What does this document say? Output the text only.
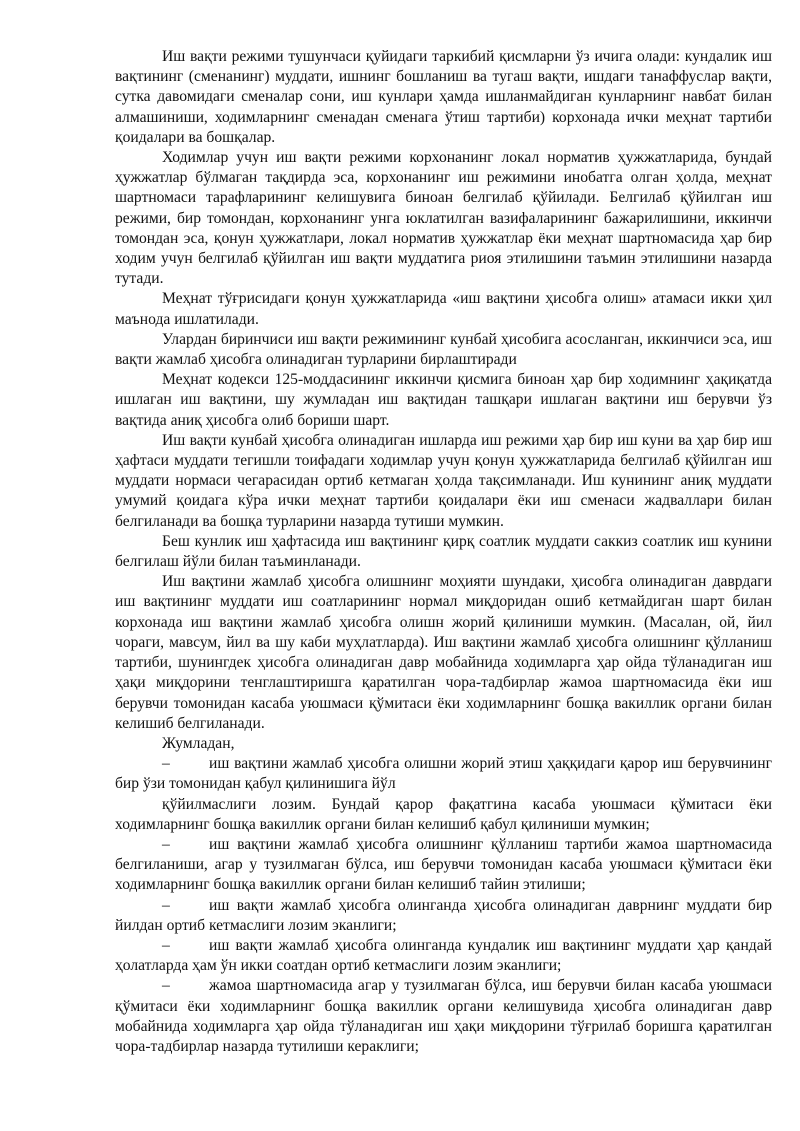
Иш вақти режими тушунчаси қуйидаги таркибий қисмларни ўз ичига олади: кундалик иш вақтининг (сменанинг) муддати, ишнинг бошланиш ва тугаш вақти, ишдаги танаффуслар вақти, сутка давомидаги сменалар сони, иш кунлари ҳамда ишланмайдиган кунларнинг навбат билан алмашиниши, ходимларнинг сменадан сменага ўтиш тартиби) корхонада ички меҳнат тартиби қоидалари ва бошқалар.

Ходимлар учун иш вақти режими корхонанинг локал норматив ҳужжатларида, бундай ҳужжатлар бўлмаган тақдирда эса, корхонанинг иш режимини инобатга олган ҳолда, меҳнат шартномаси тарафларининг келишувига биноан белгилаб қўйилади. Белгилаб қўйилган иш режими, бир томондан, корхонанинг унга юклатилган вазифаларининг бажарилишини, иккинчи томондан эса, қонун ҳужжатлари, локал норматив ҳужжатлар ёки меҳнат шартномасида ҳар бир ходим учун белгилаб қўйилган иш вақти муддатига риоя этилишини таъмин этилишини назарда тутади.

Меҳнат тўғрисидаги қонун ҳужжатларида «иш вақтини ҳисобга олиш» атамаси икки ҳил маънода ишлатилади.

Улардан биринчиси иш вақти режимининг кунбай ҳисобига асосланган, иккинчиси эса, иш вақти жамлаб ҳисобга олинадиган турларини бирлаштиради

Меҳнат кодекси 125-моддасининг иккинчи қисмига биноан ҳар бир ходимнинг ҳақиқатда ишлаган иш вақтини, шу жумладан иш вақтидан ташқари ишлаган вақтини иш берувчи ўз вақтида аниқ ҳисобга олиб бориши шарт.

Иш вақти кунбай ҳисобга олинадиган ишларда иш режими ҳар бир иш куни ва ҳар бир иш ҳафтаси муддати тегишли тоифадаги ходимлар учун қонун ҳужжатларида белгилаб қўйилган иш муддати нормаси чегарасидан ортиб кетмаган ҳолда тақсимланади. Иш кунининг аниқ муддати умумий қоидага кўра ички меҳнат тартиби қоидалари ёки иш сменаси жадваллари билан белгиланади ва бошқа турларини назарда тутиши мумкин.

Беш кунлик иш ҳафтасида иш вақтининг қирқ соатлик муддати саккиз соатлик иш кунини белгилаш йўли билан таъминланади.

Иш вақтини жамлаб ҳисобга олишнинг моҳияти шундаки, ҳисобга олинадиган даврдаги иш вақтининг муддати иш соатларининг нормал миқдоридан ошиб кетмайдиган шарт билан корхонада иш вақтини жамлаб ҳисобга олишн жорий қилиниши мумкин. (Масалан, ой, йил чораги, мавсум, йил ва шу каби муҳлатларда). Иш вақтини жамлаб ҳисобга олишнинг қўлланиш тартиби, шунингдек ҳисобга олинадиган давр мобайнида ходимларга ҳар ойда тўланадиган иш ҳақи миқдорини тенглаштиришга қаратилган чора-тадбирлар жамоа шартномасида ёки иш берувчи томонидан касаба уюшмаси қўмитаси ёки ходимларнинг бошқа вакиллик органи билан келишиб белгиланади.

Жумладан,

–	иш вақтини жамлаб ҳисобга олишни жорий этиш ҳаққидаги қарор иш берувчининг бир ўзи томонидан қабул қилинишига йўл

қўйилмаслиги лозим. Бундай қарор фақатгина касаба уюшмаси қўмитаси ёки ходимларнинг бошқа вакиллик органи билан келишиб қабул қилиниши мумкин;

–	иш вақтини жамлаб ҳисобга олишнинг қўлланиш тартиби жамоа шартномасида белгиланиши, агар у тузилмаган бўлса, иш берувчи томонидан касаба уюшмаси қўмитаси ёки ходимларнинг бошқа вакиллик органи билан келишиб тайин этилиши;

–	иш вақти жамлаб ҳисобга олинганда ҳисобга олинадиган даврнинг муддати бир йилдан ортиб кетмаслиги лозим эканлиги;

–	иш вақти жамлаб ҳисобга олинганда кундалик иш вақтининг муддати ҳар қандай ҳолатларда ҳам ўн икки соатдан ортиб кетмаслиги лозим эканлиги;

–	жамоа шартномасида агар у тузилмаган бўлса, иш берувчи билан касаба уюшмаси қўмитаси ёки ходимларнинг бошқа вакиллик органи келишувида ҳисобга олинадиган давр мобайнида ходимларга ҳар ойда тўланадиган иш ҳақи миқдорини тўғрилаб боришга қаратилган чора-тадбирлар назарда тутилиши кераклиги;
